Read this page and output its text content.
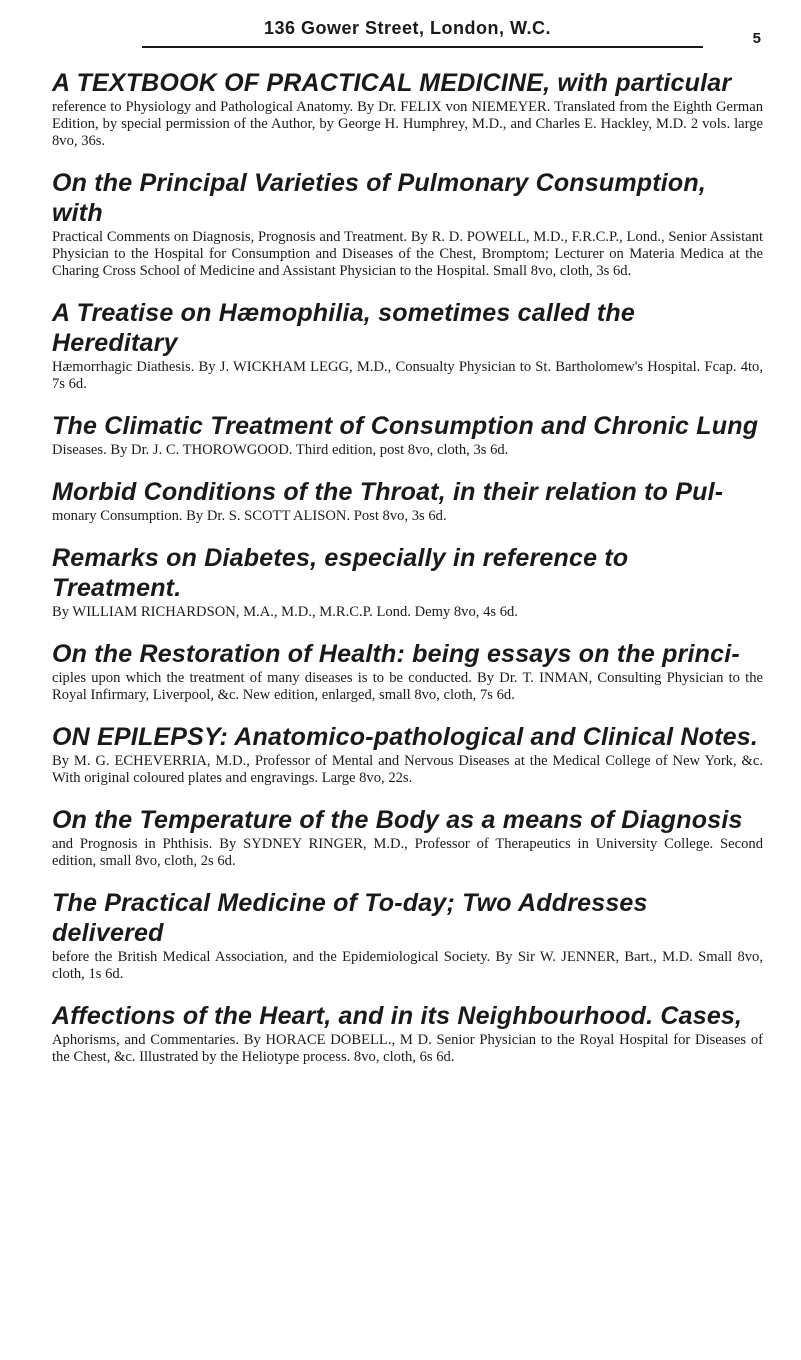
136 Gower Street, London, W.C.
5

A TEXTBOOK OF PRACTICAL MEDICINE, with particular

reference to Physiology and Pathological Anatomy. By Dr. FELIX von NIEMEYER. Translated from the Eighth German Edition, by special permission of the Author, by George H. Humphrey, M.D., and Charles E. Hackley, M.D. 2 vols. large 8vo, 36s.

On the Principal Varieties of Pulmonary Consumption, with

Practical Comments on Diagnosis, Prognosis and Treatment. By R. D. POWELL, M.D., F.R.C.P., Lond., Senior Assistant Physician to the Hospital for Consumption and Diseases of the Chest, Bromptom; Lecturer on Materia Medica at the Charing Cross School of Medicine and Assistant Physician to the Hospital. Small 8vo, cloth, 3s 6d.

A Treatise on Hæmophilia, sometimes called the Hereditary

Hæmorrhagic Diathesis. By J. WICKHAM LEGG, M.D., Consualty Physician to St. Bartholomew's Hospital. Fcap. 4to, 7s 6d.

The Climatic Treatment of Consumption and Chronic Lung

Diseases. By Dr. J. C. THOROWGOOD. Third edition, post 8vo, cloth, 3s 6d.

Morbid Conditions of the Throat, in their relation to Pul-

monary Consumption. By Dr. S. SCOTT ALISON. Post 8vo, 3s 6d.

Remarks on Diabetes, especially in reference to Treatment.

By WILLIAM RICHARDSON, M.A., M.D., M.R.C.P. Lond. Demy 8vo, 4s 6d.

On the Restoration of Health: being essays on the princi-

ciples upon which the treatment of many diseases is to be conducted. By Dr. T. INMAN, Consulting Physician to the Royal Infirmary, Liverpool, &c. New edition, enlarged, small 8vo, cloth, 7s 6d.

ON EPILEPSY: Anatomico-pathological and Clinical Notes.

By M. G. ECHEVERRIA, M.D., Professor of Mental and Nervous Diseases at the Medical College of New York, &c. With original coloured plates and engravings. Large 8vo, 22s.

On the Temperature of the Body as a means of Diagnosis

and Prognosis in Phthisis. By SYDNEY RINGER, M.D., Professor of Therapeutics in University College. Second edition, small 8vo, cloth, 2s 6d.

The Practical Medicine of To-day; Two Addresses delivered

before the British Medical Association, and the Epidemiological Society. By Sir W. JENNER, Bart., M.D. Small 8vo, cloth, 1s 6d.

Affections of the Heart, and in its Neighbourhood. Cases,

Aphorisms, and Commentaries. By HORACE DOBELL., M D. Senior Physician to the Royal Hospital for Diseases of the Chest, &c. Illustrated by the Heliotype process. 8vo, cloth, 6s 6d.
